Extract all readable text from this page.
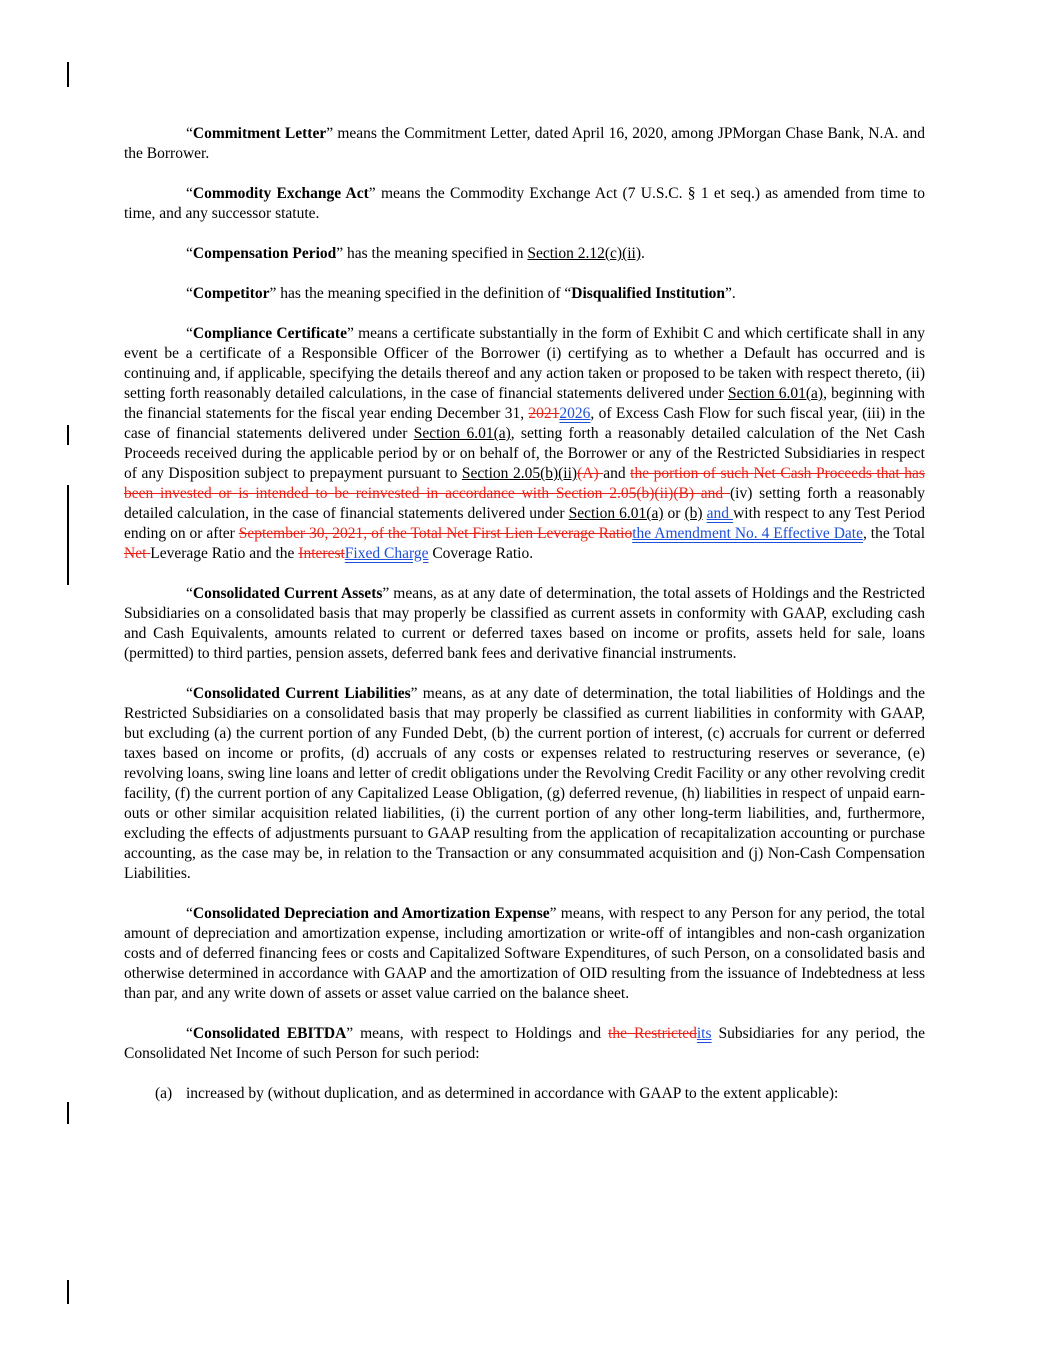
“Commitment Letter” means the Commitment Letter, dated April 16, 2020, among JPMorgan Chase Bank, N.A. and the Borrower.

“Commodity Exchange Act” means the Commodity Exchange Act (7 U.S.C. § 1 et seq.) as amended from time to time, and any successor statute.

“Compensation Period” has the meaning specified in Section 2.12(c)(ii).

“Competitor” has the meaning specified in the definition of “Disqualified Institution”.

“Compliance Certificate” means a certificate substantially in the form of Exhibit C and which certificate shall in any event be a certificate of a Responsible Officer of the Borrower (i) certifying as to whether a Default has occurred and is continuing and, if applicable, specifying the details thereof and any action taken or proposed to be taken with respect thereto, (ii) setting forth reasonably detailed calculations, in the case of financial statements delivered under Section 6.01(a), beginning with the financial statements for the fiscal year ending December 31, 20212026, of Excess Cash Flow for such fiscal year, (iii) in the case of financial statements delivered under Section 6.01(a), setting forth a reasonably detailed calculation of the Net Cash Proceeds received during the applicable period by or on behalf of, the Borrower or any of the Restricted Subsidiaries in respect of any Disposition subject to prepayment pursuant to Section 2.05(b)(ii)(A) and the portion of such Net Cash Proceeds that has been invested or is intended to be reinvested in accordance with Section 2.05(b)(ii)(B) and (iv) setting forth a reasonably detailed calculation, in the case of financial statements delivered under Section 6.01(a) or (b) and with respect to any Test Period ending on or after September 30, 2021, of the Total Net First Lien Leverage Ratiothe Amendment No. 4 Effective Date, the Total Net Leverage Ratio and the InterestFixed Charge Coverage Ratio.

“Consolidated Current Assets” means, as at any date of determination, the total assets of Holdings and the Restricted Subsidiaries on a consolidated basis that may properly be classified as current assets in conformity with GAAP, excluding cash and Cash Equivalents, amounts related to current or deferred taxes based on income or profits, assets held for sale, loans (permitted) to third parties, pension assets, deferred bank fees and derivative financial instruments.

“Consolidated Current Liabilities” means, as at any date of determination, the total liabilities of Holdings and the Restricted Subsidiaries on a consolidated basis that may properly be classified as current liabilities in conformity with GAAP, but excluding (a) the current portion of any Funded Debt, (b) the current portion of interest, (c) accruals for current or deferred taxes based on income or profits, (d) accruals of any costs or expenses related to restructuring reserves or severance, (e) revolving loans, swing line loans and letter of credit obligations under the Revolving Credit Facility or any other revolving credit facility, (f) the current portion of any Capitalized Lease Obligation, (g) deferred revenue, (h) liabilities in respect of unpaid earn-outs or other similar acquisition related liabilities, (i) the current portion of any other long-term liabilities, and, furthermore, excluding the effects of adjustments pursuant to GAAP resulting from the application of recapitalization accounting or purchase accounting, as the case may be, in relation to the Transaction or any consummated acquisition and (j) Non-Cash Compensation Liabilities.

“Consolidated Depreciation and Amortization Expense” means, with respect to any Person for any period, the total amount of depreciation and amortization expense, including amortization or write-off of intangibles and non-cash organization costs and of deferred financing fees or costs and Capitalized Software Expenditures, of such Person, on a consolidated basis and otherwise determined in accordance with GAAP and the amortization of OID resulting from the issuance of Indebtedness at less than par, and any write down of assets or asset value carried on the balance sheet.

“Consolidated EBITDA” means, with respect to Holdings and the Restrictedits Subsidiaries for any period, the Consolidated Net Income of such Person for such period:

(a) increased by (without duplication, and as determined in accordance with GAAP to the extent applicable):
